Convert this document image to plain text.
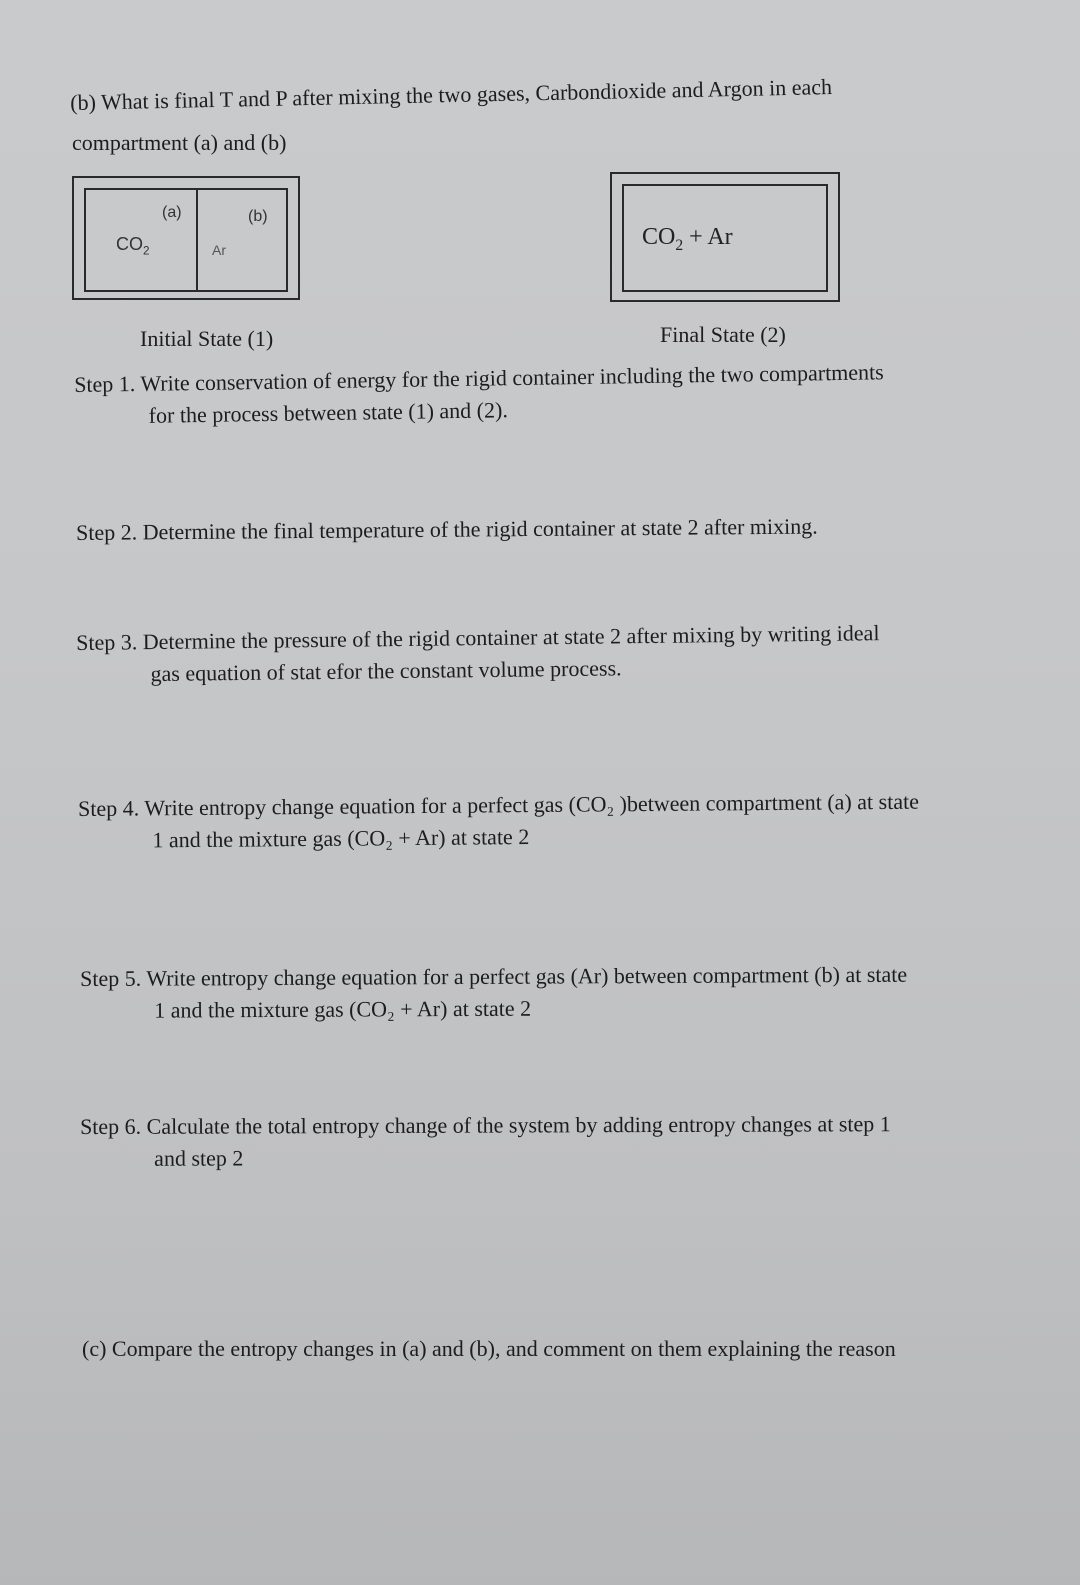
(b) What is final T and P after mixing the two gases, Carbondioxide and Argon in each
compartment (a) and (b)
(a)	(b)
$CO_2$	Ar	$CO_2 + Ar$
Initial State (1)	Final State (2)
Step 1. Write conservation of energy for the rigid container including the two compartments
for the process between state (1) and (2).
Step 2. Determine the final temperature of the rigid container at state 2 after mixing.
Step 3. Determine the pressure of the rigid container at state 2 after mixing by writing ideal
gas equation of stat efor the constant volume process.
Step 4. Write entropy change equation for a perfect gas (CO₂ )between compartment (a) at state
1 and the mixture gas (CO₂ + Ar) at state 2
Step 5. Write entropy change equation for a perfect gas (Ar) between compartment (b) at state
1 and the mixture gas (CO₂ + Ar) at state 2
Step 6. Calculate the total entropy change of the system by adding entropy changes at step 1
and step 2
(c) Compare the entropy changes in (a) and (b), and comment on them explaining the reason
